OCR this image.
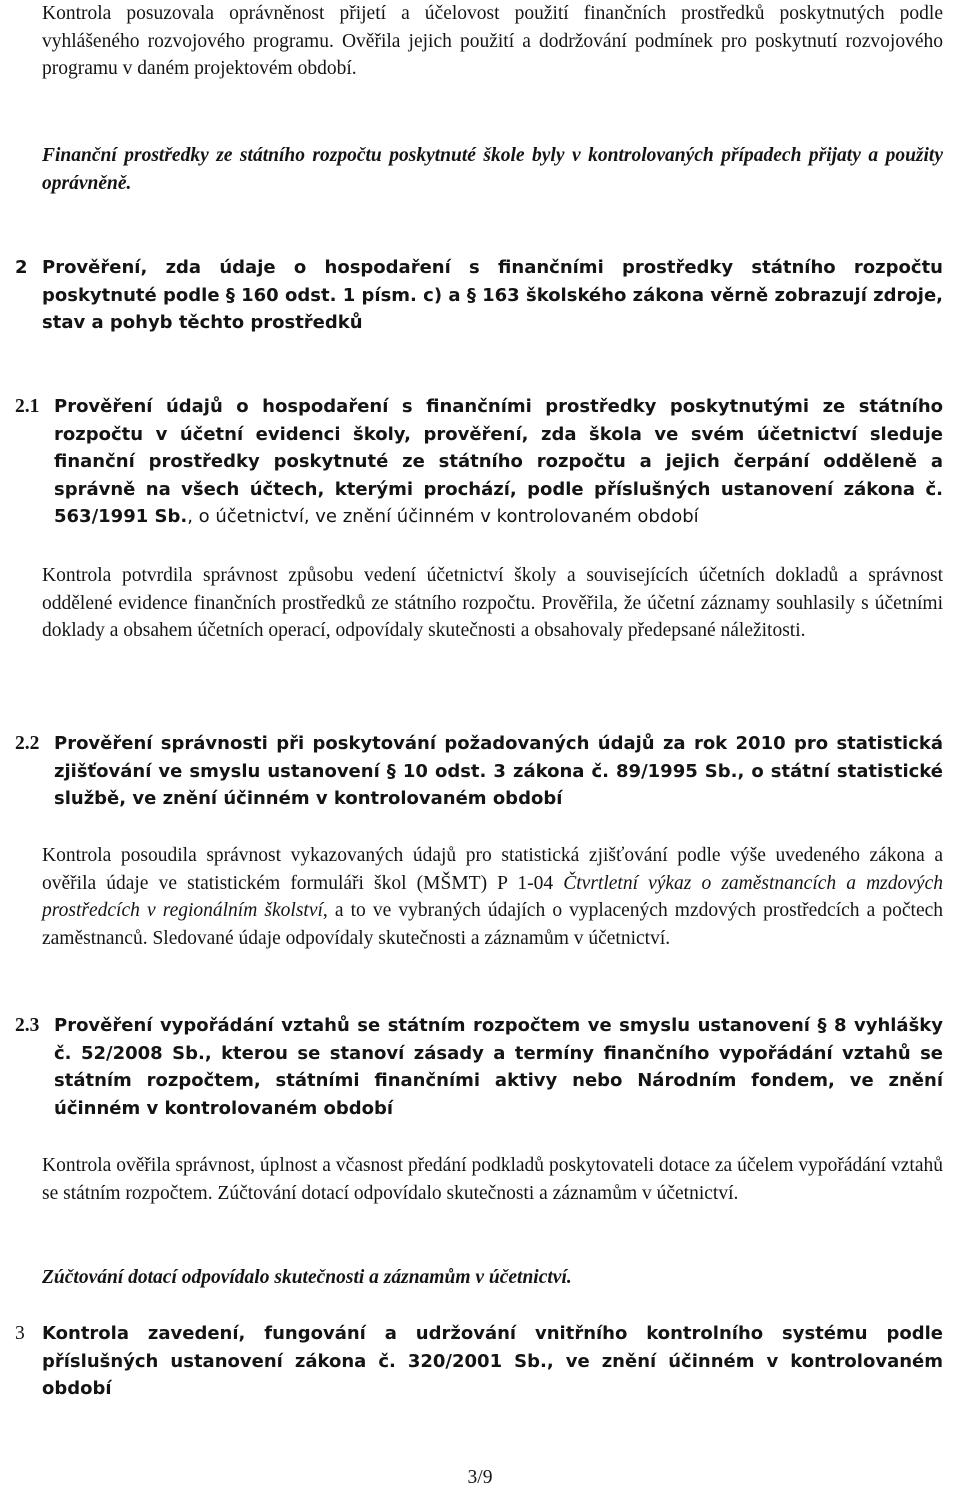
Kontrola posuzovala oprávněnost přijetí a účelovost použití finančních prostředků poskytnutých podle vyhlášeného rozvojového programu. Ověřila jejich použití a dodržování podmínek pro poskytnutí rozvojového programu v daném projektovém období.

Finanční prostředky ze státního rozpočtu poskytnuté škole byly v kontrolovaných případech přijaty a použity oprávněně.

2 Prověření, zda údaje o hospodaření s finančními prostředky státního rozpočtu poskytnuté podle § 160 odst. 1 písm. c) a § 163 školského zákona věrně zobrazují zdroje, stav a pohyb těchto prostředků
2.1 Prověření údajů o hospodaření s finančními prostředky poskytnutými ze státního rozpočtu v účetní evidenci školy, prověření, zda škola ve svém účetnictví sleduje finanční prostředky poskytnuté ze státního rozpočtu a jejich čerpání odděleně a správně na všech účtech, kterými prochází, podle příslušných ustanovení zákona č. 563/1991 Sb., o účetnictví, ve znění účinném v kontrolovaném období

Kontrola potvrdila správnost způsobu vedení účetnictví školy a souvisejících účetních dokladů a správnost oddělené evidence finančních prostředků ze státního rozpočtu. Prověřila, že účetní záznamy souhlasily s účetními doklady a obsahem účetních operací, odpovídaly skutečnosti a obsahovaly předepsané náležitosti.

2.2 Prověření správnosti při poskytování požadovaných údajů za rok 2010 pro statistická zjišťování ve smyslu ustanovení § 10 odst. 3 zákona č. 89/1995 Sb., o státní statistické službě, ve znění účinném v kontrolovaném období

Kontrola posoudila správnost vykazovaných údajů pro statistická zjišťování podle výše uvedeného zákona a ověřila údaje ve statistickém formuláři škol (MŠMT) P 1-04 Čtvrtletní výkaz o zaměstnancích a mzdových prostředcích v regionálním školství, a to ve vybraných údajích o vyplacených mzdových prostředcích a počtech zaměstnanců. Sledované údaje odpovídaly skutečnosti a záznamům v účetnictví.

2.3 Prověření vypořádání vztahů se státním rozpočtem ve smyslu ustanovení § 8 vyhlášky č. 52/2008 Sb., kterou se stanoví zásady a termíny finančního vypořádání vztahů se státním rozpočtem, státními finančními aktivy nebo Národním fondem, ve znění účinném v kontrolovaném období

Kontrola ověřila správnost, úplnost a včasnost předání podkladů poskytovateli dotace za účelem vypořádání vztahů se státním rozpočtem. Zúčtování dotací odpovídalo skutečnosti a záznamům v účetnictví.

Zúčtování dotací odpovídalo skutečnosti a záznamům v účetnictví.

3 Kontrola zavedení, fungování a udržování vnitřního kontrolního systému podle příslušných ustanovení zákona č. 320/2001 Sb., ve znění účinném v kontrolovaném období
3/9
